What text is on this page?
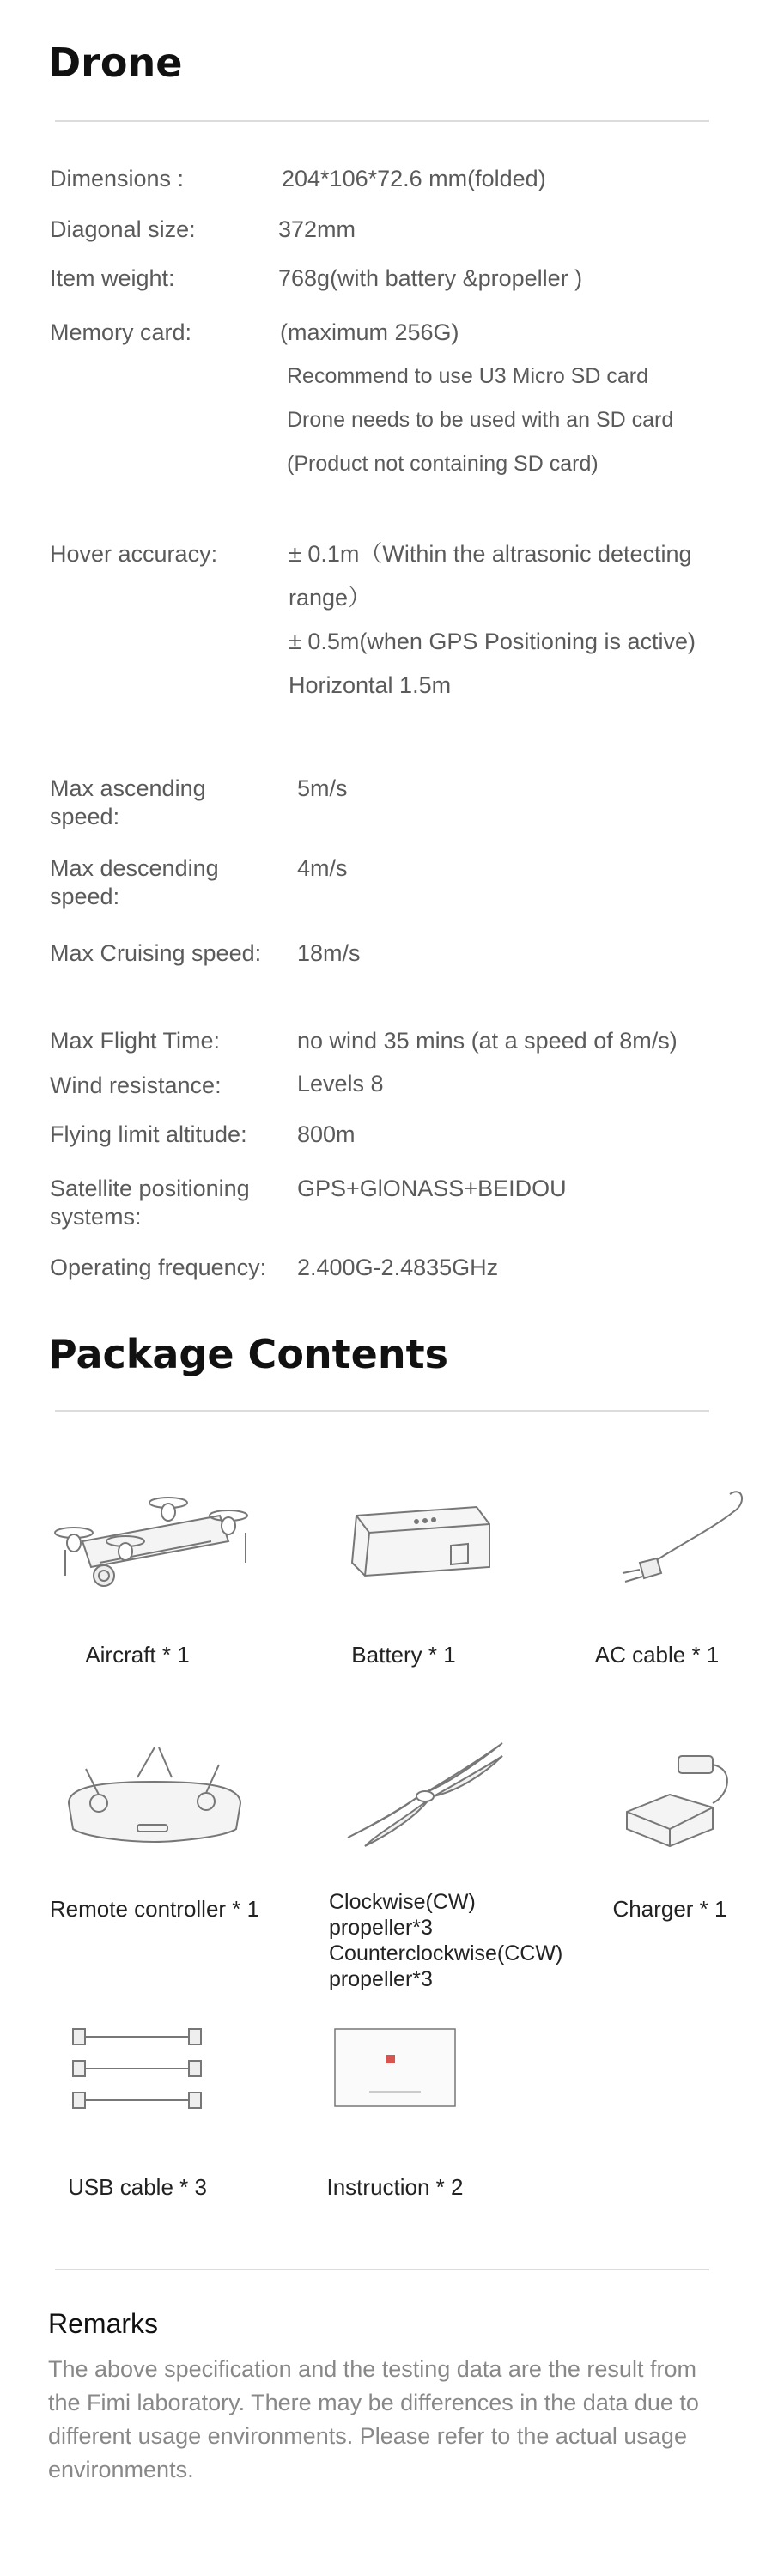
Drone
Dimensions :	204*106*72.6 mm(folded)
Diagonal size:	372mm
Item weight:	768g(with battery &propeller )
Memory card:	(maximum 256G)
Recommend to use U3 Micro SD card
Drone needs to be used with an SD card
(Product not containing SD card)
Hover accuracy:	± 0.1m（Within the altrasonic detecting
range）
± 0.5m(when GPS Positioning is active)
Horizontal 1.5m
Max ascending speed:
5m/s
Max descending speed:
4m/s
Max Cruising speed: 18m/s
Max Flight Time:	no wind 35 mins (at a speed of 8m/s)
Wind resistance:	Levels 8
Flying limit altitude:	800m
Satellite positioning systems:
GPS+GlONASS+BEIDOU
Operating frequency:	2.400G-2.4835GHz
Package Contents
Aircraft * 1	Battery * 1	AC cable * 1
Remote controller * 1	Clockwise(CW)
propeller*3
Counterclockwise(CCW)
propeller*3
Charger * 1
USB cable * 3	Instruction * 2
Remarks
The above specification and the testing data are the result from the Fimi laboratory. There may be differences in the data due to different usage environments. Please refer to the actual usage environments.
